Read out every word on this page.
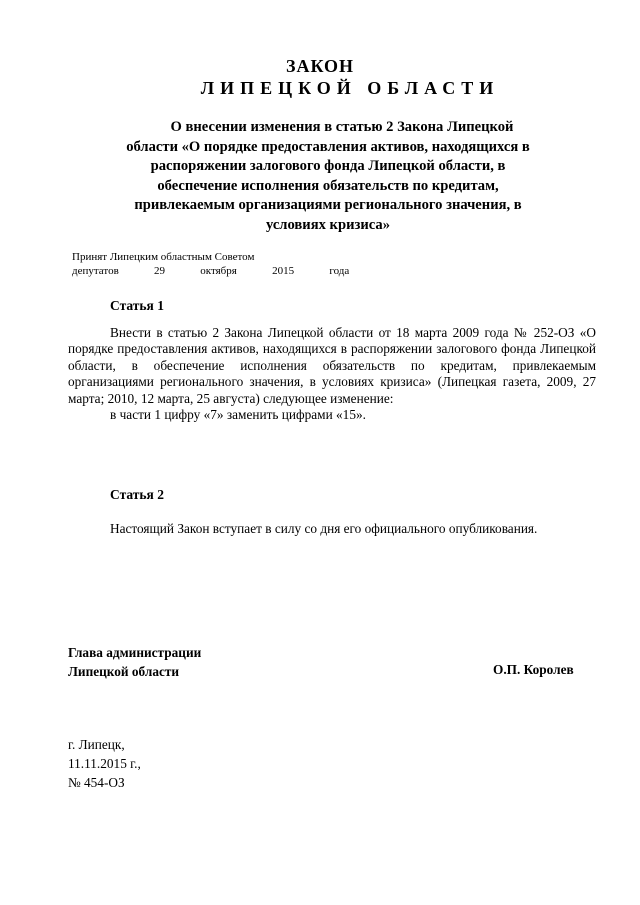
ЗАКОН
ЛИПЕЦКОЙ ОБЛАСТИ
О внесении изменения в статью 2 Закона Липецкой
области «О порядке предоставления активов, находящихся в
распоряжении залогового фонда Липецкой области, в
обеспечение исполнения обязательств по кредитам,
привлекаемым организациями регионального значения, в
условиях кризиса»
Принят Липецким областным Советом
депутатов   29   октября   2015   года
Статья 1
Внести в статью 2 Закона Липецкой области от 18 марта 2009 года № 252-ОЗ «О порядке предоставления активов, находящихся в распоряжении залогового фонда Липецкой области, в обеспечение исполнения обязательств по кредитам, привлекаемым организациями регионального значения, в условиях кризиса» (Липецкая газета, 2009, 27 марта; 2010, 12 марта, 25 августа) следующее изменение:
в части 1 цифру «7» заменить цифрами «15».
Статья 2
Настоящий Закон вступает в силу со дня его официального опубликования.
Глава администрации
Липецкой области	О.П. Королев
г. Липецк,
11.11.2015 г.,
№ 454-ОЗ
